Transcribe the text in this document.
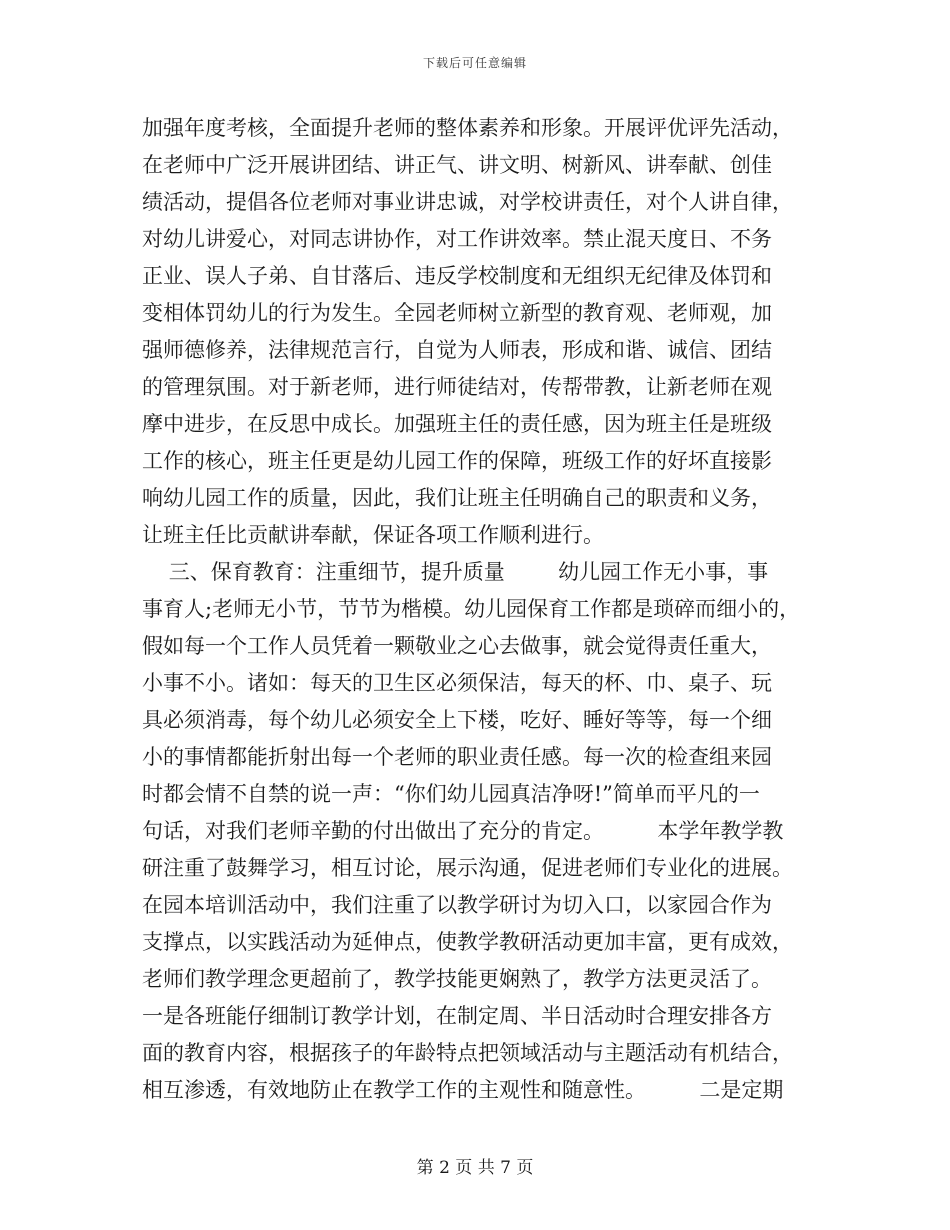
下载后可任意编辑
加强年度考核，全面提升老师的整体素养和形象。开展评优评先活动，
在老师中广泛开展讲团结、讲正气、讲文明、树新风、讲奉献、创佳
绩活动，提倡各位老师对事业讲忠诚，对学校讲责任，对个人讲自律，
对幼儿讲爱心，对同志讲协作，对工作讲效率。禁止混天度日、不务
正业、误人子弟、自甘落后、违反学校制度和无组织无纪律及体罚和
变相体罚幼儿的行为发生。全园老师树立新型的教育观、老师观，加
强师德修养，法律规范言行，自觉为人师表，形成和谐、诚信、团结
的管理氛围。对于新老师，进行师徒结对，传帮带教，让新老师在观
摩中进步，在反思中成长。加强班主任的责任感，因为班主任是班级
工作的核心，班主任更是幼儿园工作的保障，班级工作的好坏直接影
响幼儿园工作的质量，因此，我们让班主任明确自己的职责和义务，
让班主任比贡献讲奉献，保证各项工作顺利进行。
三、保育教育：注重细节，提升质量        幼儿园工作无小事，事
事育人;老师无小节，节节为楷模。幼儿园保育工作都是琐碎而细小的，
假如每一个工作人员凭着一颗敬业之心去做事，就会觉得责任重大，
小事不小。诸如：每天的卫生区必须保洁，每天的杯、巾、桌子、玩
具必须消毒，每个幼儿必须安全上下楼，吃好、睡好等等，每一个细
小的事情都能折射出每一个老师的职业责任感。每一次的检查组来园
时都会情不自禁的说一声：“你们幼儿园真洁净呀!”简单而平凡的一
句话，对我们老师辛勤的付出做出了充分的肯定。        本学年教学教
研注重了鼓舞学习，相互讨论，展示沟通，促进老师们专业化的进展。
在园本培训活动中，我们注重了以教学研讨为切入口，以家园合作为
支撑点，以实践活动为延伸点，使教学教研活动更加丰富，更有成效，
老师们教学理念更超前了，教学技能更娴熟了，教学方法更灵活了。
一是各班能仔细制订教学计划，在制定周、半日活动时合理安排各方
面的教育内容，根据孩子的年龄特点把领域活动与主题活动有机结合，
相互渗透，有效地防止在教学工作的主观性和随意性。        二是定期
第 2 页 共 7 页
